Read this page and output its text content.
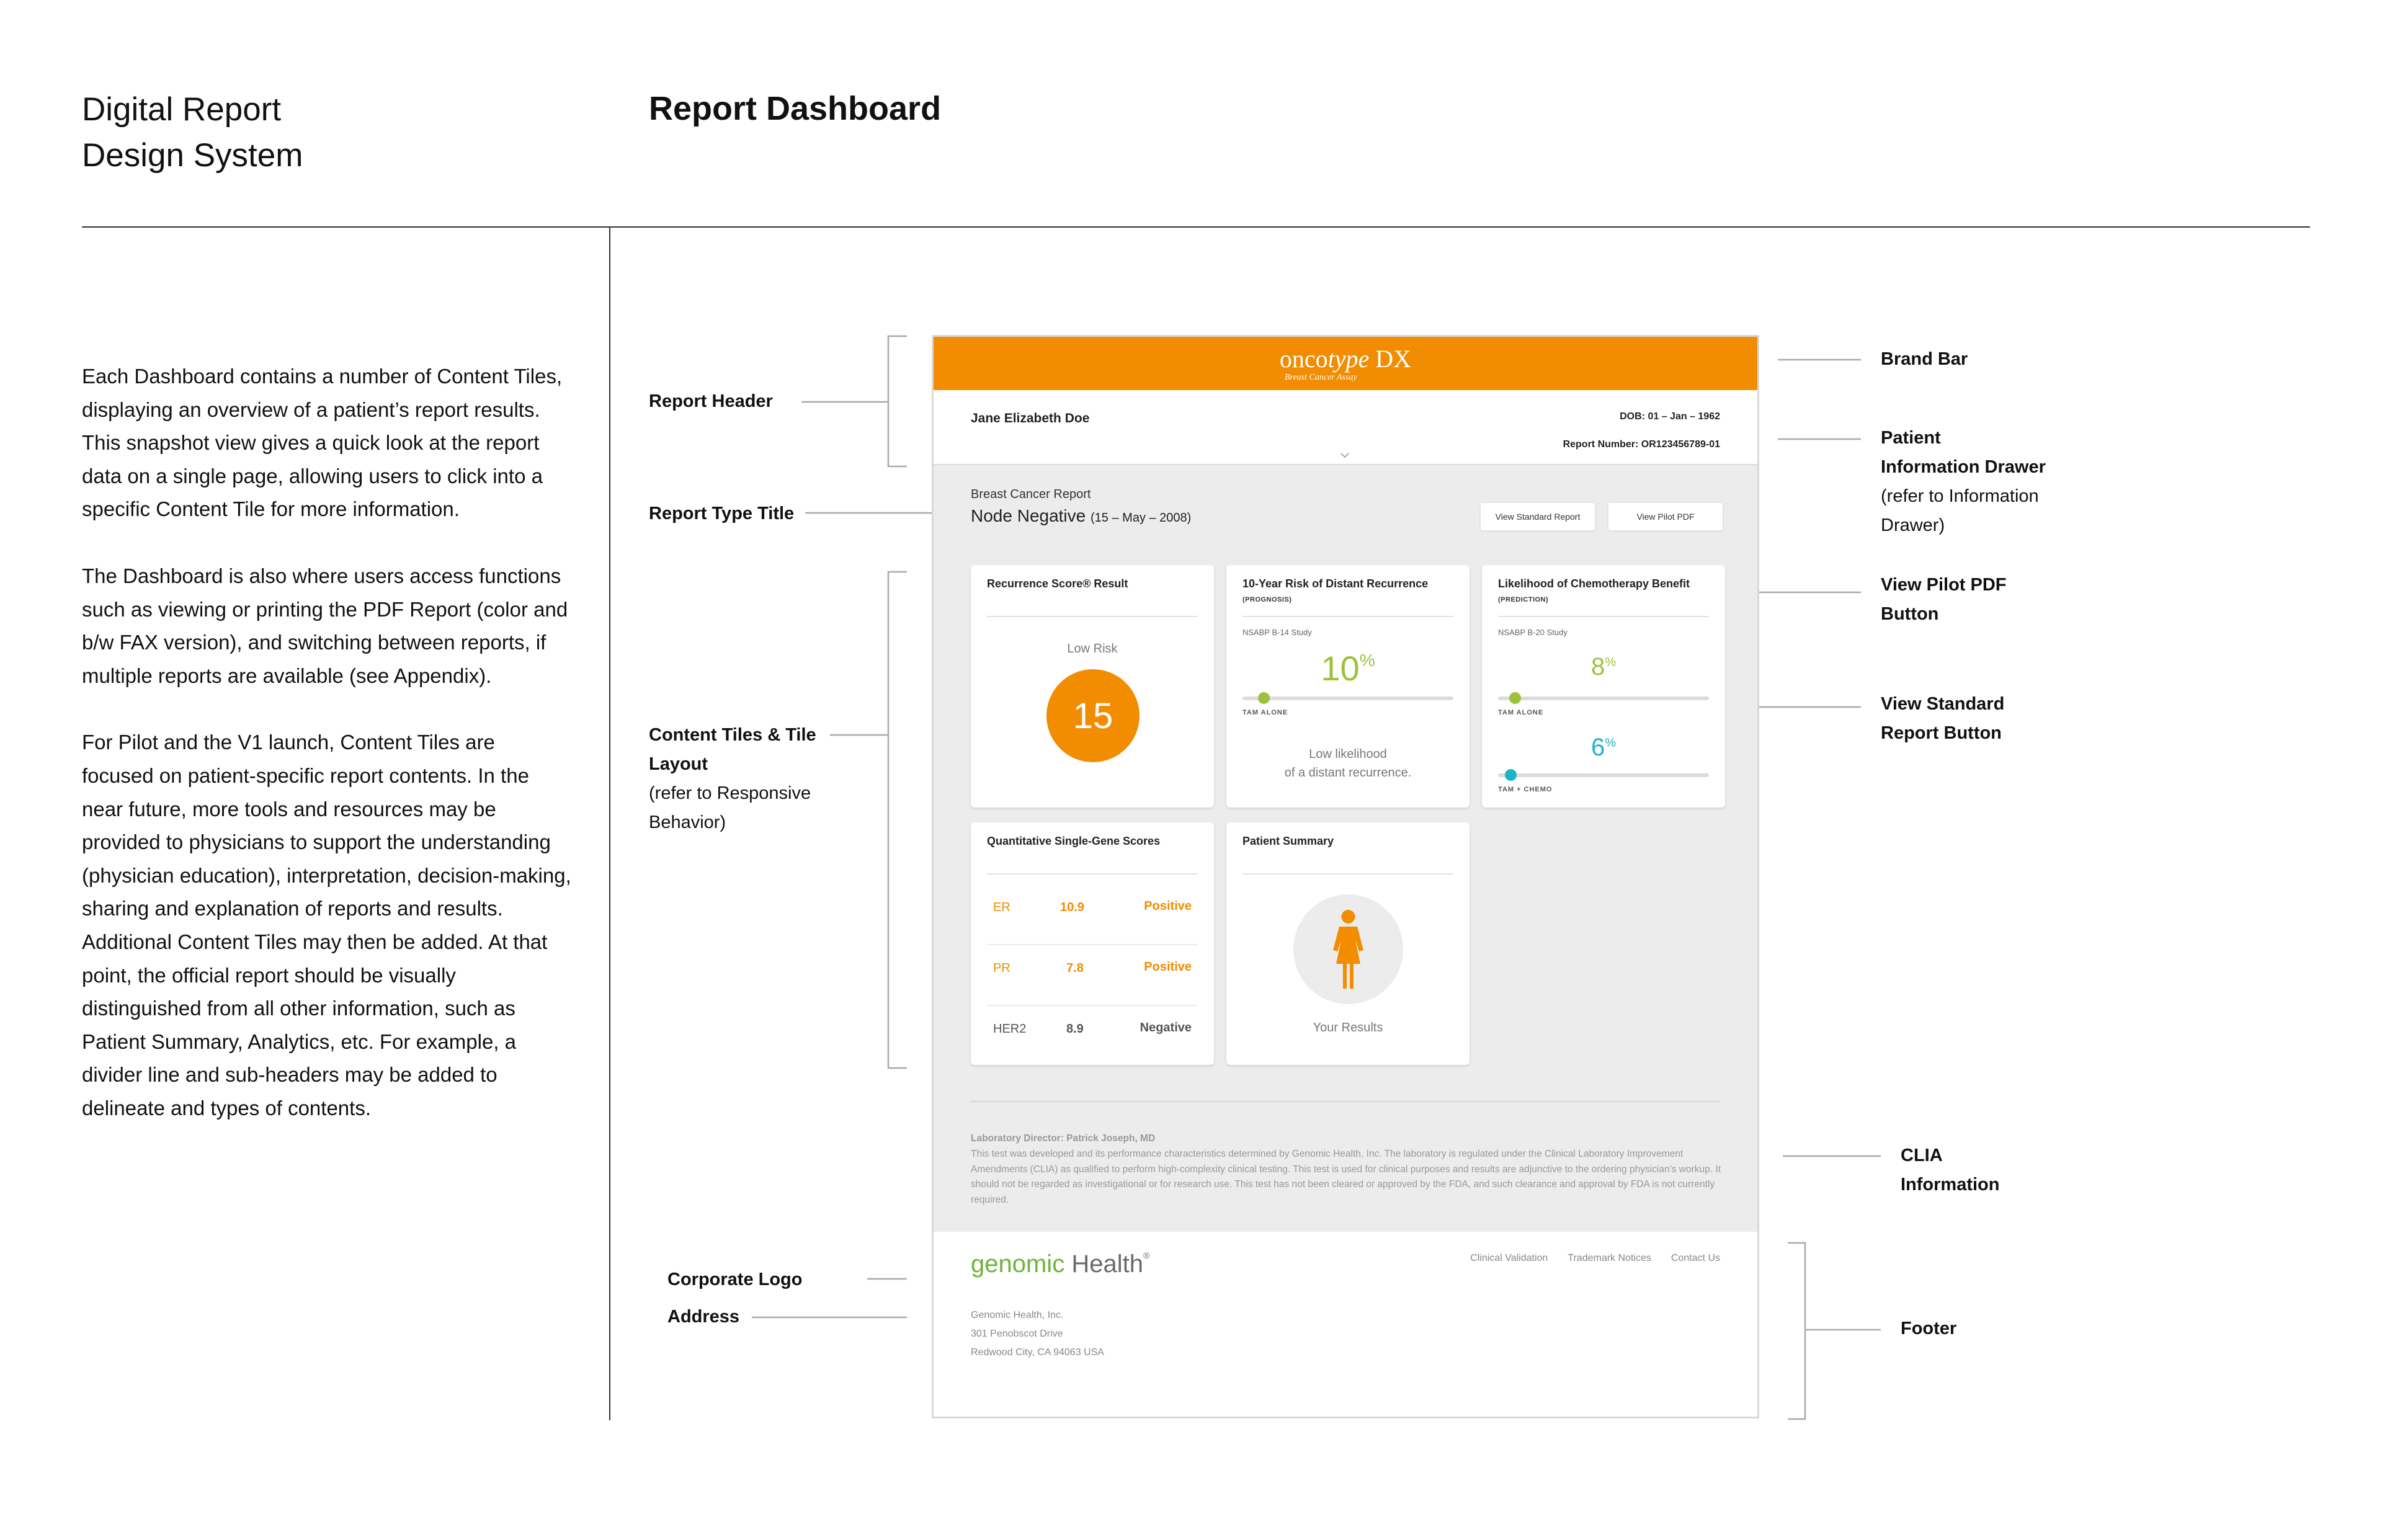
Digital Report
Design System
Report Dashboard

Each Dashboard contains a number of Content Tiles, displaying an overview of a patient’s report results. This snapshot view gives a quick look at the report data on a single page, allowing users to click into a specific Content Tile for more information.

The Dashboard is also where users access functions such as viewing or printing the PDF Report (color and b/w FAX version), and switching between reports, if multiple reports are available (see Appendix).

For Pilot and the V1 launch, Content Tiles are focused on patient-specific report contents. In the near future, more tools and resources may be provided to physicians to support the understanding (physician education), interpretation, decision-making, sharing and explanation of reports and results. Additional Content Tiles may then be added. At that point, the official report should be visually distinguished from all other information, such as Patient Summary, Analytics, etc. For example, a divider line and sub-headers may be added to delineate and types of contents.

Report Header
Report Type Title
Content Tiles & Tile
Layout
(refer to Responsive
Behavior)
Corporate Logo
Address
Brand Bar
Patient
Information Drawer
(refer to Information
Drawer)
View Pilot PDF
Button
View Standard
Report Button
CLIA
Information
Footer
oncotype DX
Breast Cancer Assay
Jane Elizabeth Doe	DOB: 01 – Jan – 1962
Report Number: OR123456789-01
Breast Cancer Report
Node Negative (15 – May – 2008)	View Standard Report	View Pilot PDF
Recurrence Score® Result
Low Risk
15
10-Year Risk of Distant Recurrence
(PROGNOSIS)
NSABP B-14 Study
10%
TAM ALONE
Low likelihood
of a distant recurrence.
Likelihood of Chemotherapy Benefit
(PREDICTION)
NSABP B-20 Study
8%
TAM ALONE
6%
TAM + CHEMO
Quantitative Single-Gene Scores
ER	10.9	Positive
PR	7.8	Positive
HER2	8.9	Negative
Patient Summary
Your Results
Laboratory Director: Patrick Joseph, MD
This test was developed and its performance characteristics determined by Genomic Health, Inc. The laboratory is regulated under the Clinical Laboratory Improvement Amendments (CLIA) as qualified to perform high-complexity clinical testing. This test is used for clinical purposes and results are adjunctive to the ordering physician’s workup. It should not be regarded as investigational or for research use. This test has not been cleared or approved by the FDA, and such clearance and approval by FDA is not currently required.
genomic Health®
Genomic Health, Inc.
301 Penobscot Drive
Redwood City, CA 94063 USA
Clinical Validation Trademark Notices Contact Us
